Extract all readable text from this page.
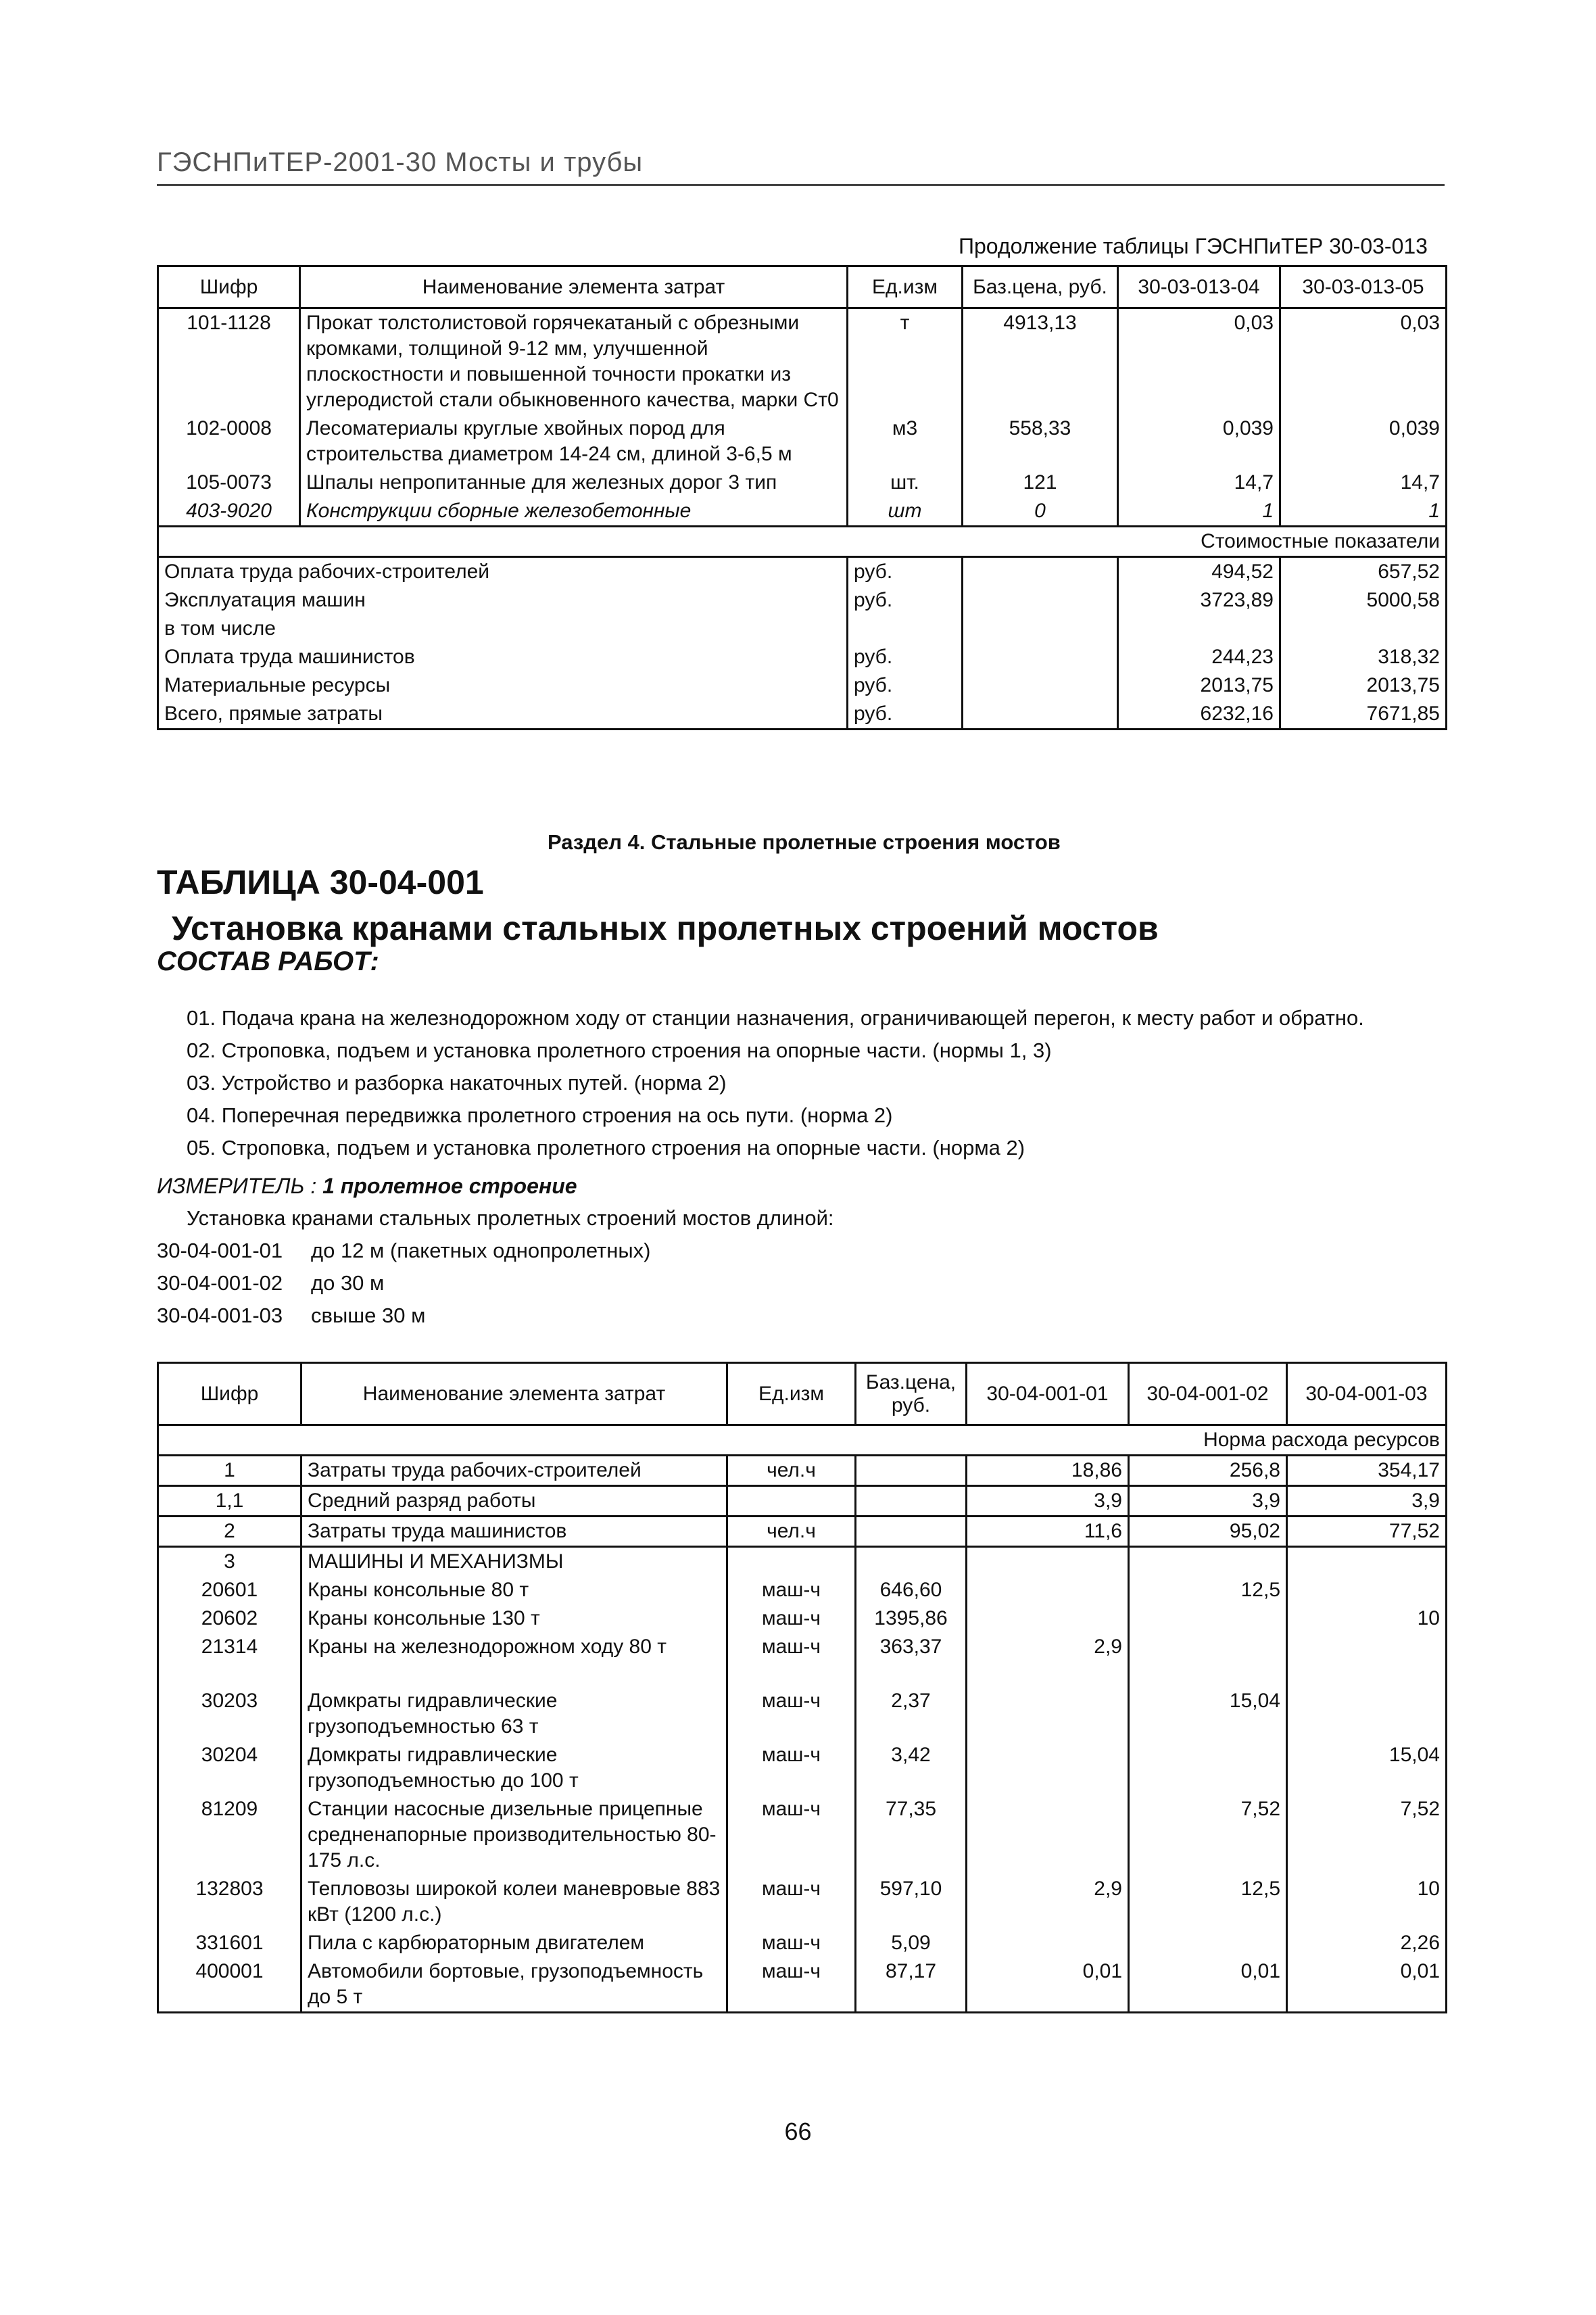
ГЭСНПиТЕР-2001-30 Мосты и трубы
Продолжение таблицы ГЭСНПиТЕР 30-03-013
Шифр	Наименование элемента затрат	Ед.изм	Баз.цена, руб.	30-03-013-04	30-03-013-05
101-1128	Прокат толстолистовой горячекатаный с обрезными кромками, толщиной 9-12 мм, улучшенной плоскостности и повышенной точности прокатки из углеродистой стали обыкновенного качества, марки Ст0	т	4913,13	0,03	0,03
102-0008	Лесоматериалы круглые хвойных пород для строительства диаметром 14-24 см, длиной 3-6,5 м	м3	558,33	0,039	0,039
105-0073	Шпалы непропитанные для железных дорог 3 тип	шт.	121	14,7	14,7
403-9020	Конструкции сборные железобетонные	шт	0	1	1
Стоимостные показатели					
Оплата труда рабочих-строителей		руб.		494,52	657,52
Эксплуатация машин		руб.		3723,89	5000,58
в том числе					
Оплата труда машинистов		руб.		244,23	318,32
Материальные ресурсы		руб.		2013,75	2013,75
Всего, прямые затраты		руб.		6232,16	7671,85
Раздел 4. Стальные пролетные строения мостов
ТАБЛИЦА 30-04-001
Установка кранами стальных пролетных строений мостов
СОСТАВ РАБОТ:
01. Подача крана на железнодорожном ходу от станции назначения, ограничивающей перегон, к месту работ и обратно.
02. Строповка, подъем и установка пролетного строения на опорные части. (нормы 1, 3)
03. Устройство и разборка накаточных путей. (норма 2)
04. Поперечная передвижка пролетного строения на ось пути. (норма 2)
05. Строповка, подъем и установка пролетного строения на опорные части. (норма 2)
ИЗМЕРИТЕЛЬ : 1 пролетное строение
Установка кранами стальных пролетных строений мостов длиной:
30-04-001-01 до 12 м (пакетных однопролетных)
30-04-001-02 до 30 м
30-04-001-03 свыше 30 м
Шифр	Наименование элемента затрат	Ед.изм	Баз.цена, руб.	30-04-001-01	30-04-001-02	30-04-001-03
Норма расхода ресурсов						
1	Затраты труда рабочих-строителей	чел.ч		18,86	256,8	354,17
1,1	Средний разряд работы			3,9	3,9	3,9
2	Затраты труда машинистов	чел.ч		11,6	95,02	77,52
3	МАШИНЫ И МЕХАНИЗМЫ					
20601	Краны консольные 80 т	маш-ч	646,60		12,5	
20602	Краны консольные 130 т	маш-ч	1395,86			10
21314	Краны на железнодорожном ходу 80 т	маш-ч	363,37	2,9		
30203	Домкраты гидравлические грузоподъемностью 63 т	маш-ч	2,37		15,04	
30204	Домкраты гидравлические грузоподъемностью до 100 т	маш-ч	3,42			15,04
81209	Станции насосные дизельные прицепные средненапорные производительностью 80-175 л.с.	маш-ч	77,35		7,52	7,52
132803	Тепловозы широкой колеи маневровые 883 кВт (1200 л.с.)	маш-ч	597,10	2,9	12,5	10
331601	Пила с карбюраторным двигателем	маш-ч	5,09			2,26
400001	Автомобили бортовые, грузоподъемность до 5 т	маш-ч	87,17	0,01	0,01	0,01
66
